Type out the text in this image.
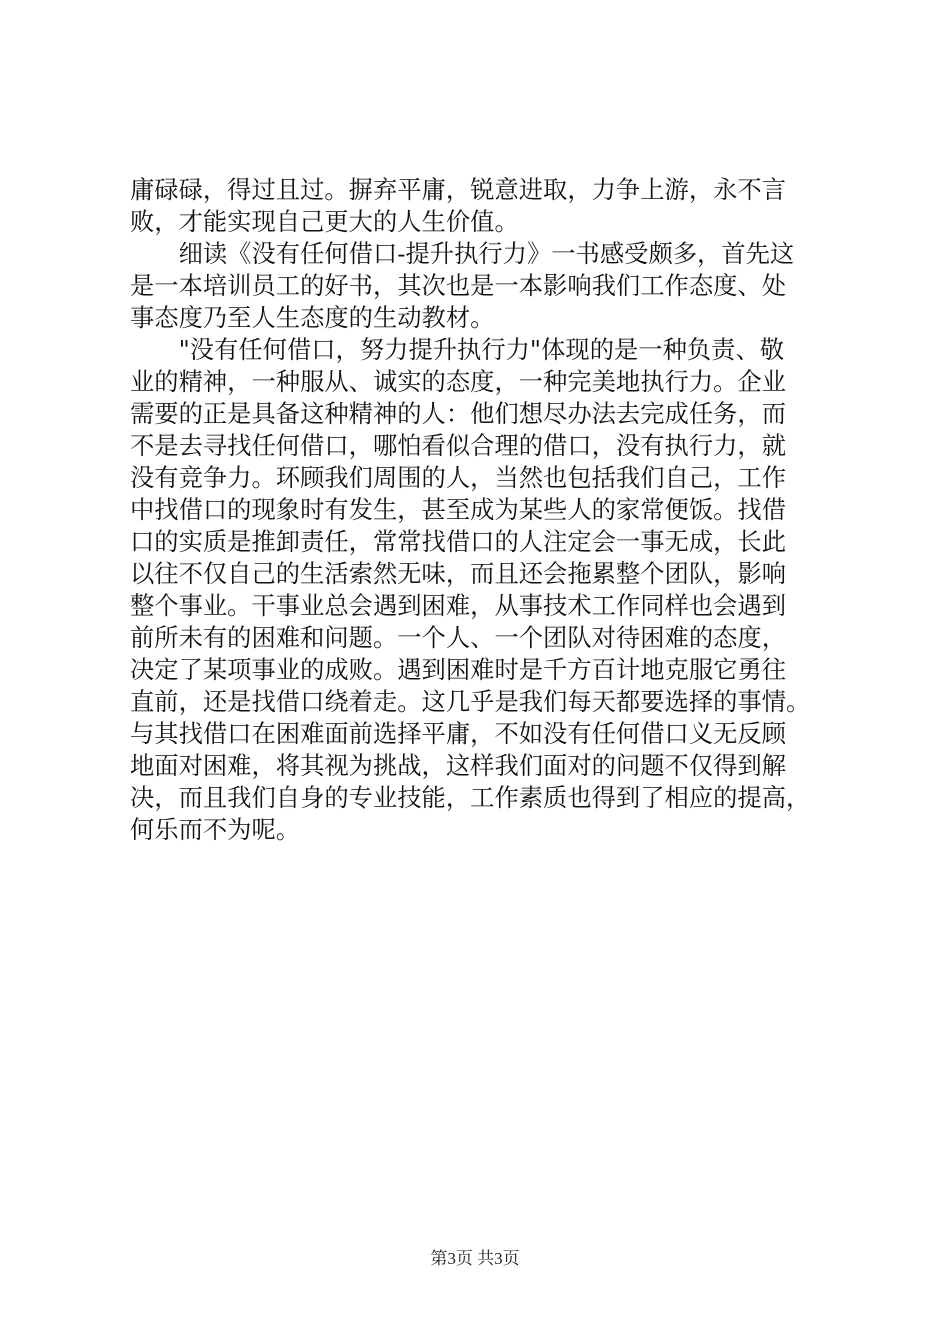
庸碌碌，得过且过。摒弃平庸，锐意进取，力争上游，永不言
败，才能实现自己更大的人生价值。
　　细读《没有任何借口-提升执行力》一书感受颇多，首先这
是一本培训员工的好书，其次也是一本影响我们工作态度、处
事态度乃至人生态度的生动教材。
　　"没有任何借口，努力提升执行力"体现的是一种负责、敬
业的精神，一种服从、诚实的态度，一种完美地执行力。企业
需要的正是具备这种精神的人：他们想尽办法去完成任务，而
不是去寻找任何借口，哪怕看似合理的借口，没有执行力，就
没有竞争力。环顾我们周围的人，当然也包括我们自己，工作
中找借口的现象时有发生，甚至成为某些人的家常便饭。找借
口的实质是推卸责任，常常找借口的人注定会一事无成，长此
以往不仅自己的生活索然无味，而且还会拖累整个团队，影响
整个事业。干事业总会遇到困难，从事技术工作同样也会遇到
前所未有的困难和问题。一个人、一个团队对待困难的态度，
决定了某项事业的成败。遇到困难时是千方百计地克服它勇往
直前，还是找借口绕着走。这几乎是我们每天都要选择的事情。
与其找借口在困难面前选择平庸，不如没有任何借口义无反顾
地面对困难，将其视为挑战，这样我们面对的问题不仅得到解
决，而且我们自身的专业技能，工作素质也得到了相应的提高，
何乐而不为呢。
第3页 共3页
